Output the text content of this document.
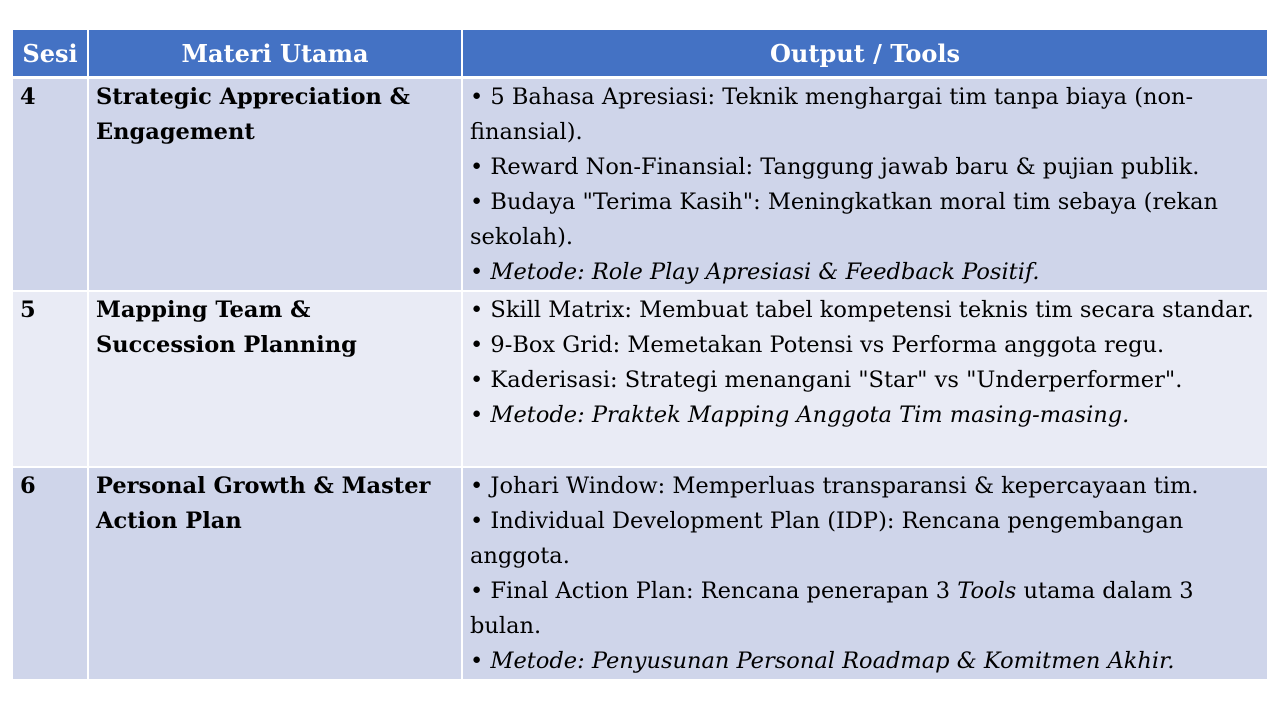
Sesi	Materi Utama	Output / Tools
4	Strategic Appreciation & Engagement	• 5 Bahasa Apresiasi: Teknik menghargai tim tanpa biaya (non-finansial).
• Reward Non-Finansial: Tanggung jawab baru & pujian publik.
• Budaya "Terima Kasih": Meningkatkan moral tim sebaya (rekan sekolah).
• Metode: Role Play Apresiasi & Feedback Positif.

5	Mapping Team & Succession Planning	• Skill Matrix: Membuat tabel kompetensi teknis tim secara standar.
• 9-Box Grid: Memetakan Potensi vs Performa anggota regu.
• Kaderisasi: Strategi menangani "Star" vs "Underperformer".
• Metode: Praktek Mapping Anggota Tim masing-masing.

6	Personal Growth & Master Action Plan	• Johari Window: Memperluas transparansi & kepercayaan tim.
• Individual Development Plan (IDP): Rencana pengembangan anggota.
• Final Action Plan: Rencana penerapan 3 Tools utama dalam 3 bulan.
• Metode: Penyusunan Personal Roadmap & Komitmen Akhir.
